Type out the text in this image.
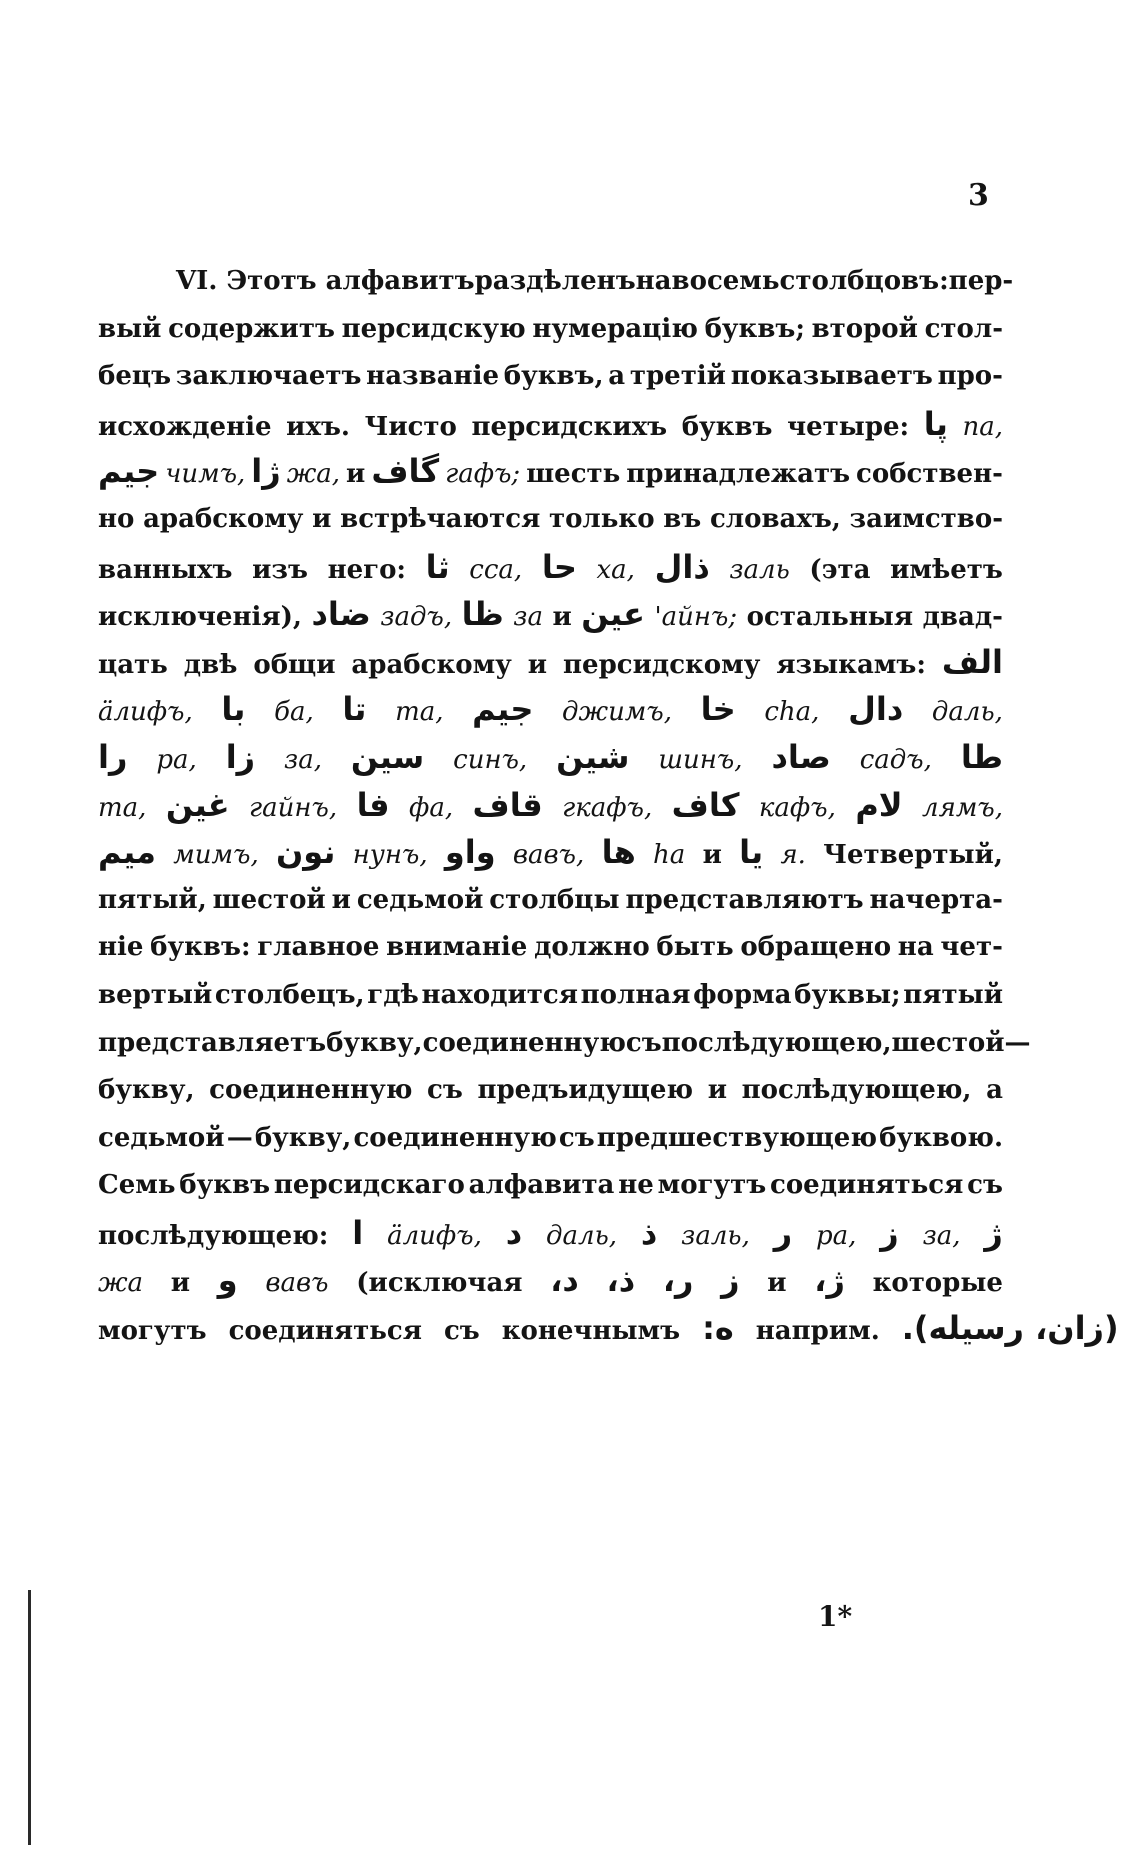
3
VI. Этотъ алфавитъ раздѣленъ на восемь столбцовъ: пер-
вый содержитъ персидскую нумерацію буквъ; второй стол-
бецъ заключаетъ названіе буквъ, а третій показываетъ про-
исхожденіе ихъ. Чисто персидскихъ буквъ четыре: پا па,
جيم чимъ, ژا жа, и گاف гафъ; шесть принадлежатъ собствен-
но арабскому и встрѣчаются только въ словахъ, заимство-
ванныхъ изъ него: ثا сса, حا ха, ذال заль (эта имѣетъ
исключенія), ضاد задъ, ظا за и عين 'айнъ; остальныя двад-
цать двѣ общи арабскому и персидскому языкамъ: الف
ӓлифъ, با ба, تا та, جيم джимъ, خا сhа, دال даль,
را ра, زا за, سين синъ, شين шинъ, صاد садъ, طا
та, غين гайнъ, فا фа, قاف гкафъ, كاف кафъ, لام лямъ,
ميم мимъ, نون нунъ, واو вавъ, ها hа и يا я. Четвертый,
пятый, шестой и седьмой столбцы представляютъ начерта-
ніе буквъ: главное вниманіе должно быть обращено на чет-
вертый столбецъ, гдѣ находится полная форма буквы; пятый
представляетъ букву, соединенную съ послѣдующею, шестой—
букву, соединенную съ предъидущею и послѣдующею, а
седьмой — букву, соединенную съ предшествующею буквою.
Семь буквъ персидскаго алфавита не могутъ соединяться съ
послѣдующею: ا ӓлифъ, د даль, ذ заль, ر ра, ز за, ژ
жа и و вавъ (исключая د، ذ، ر، ز и ژ، которые
могутъ соединяться съ конечнымъ ه: наприм. (زان، رسيله).
1*
